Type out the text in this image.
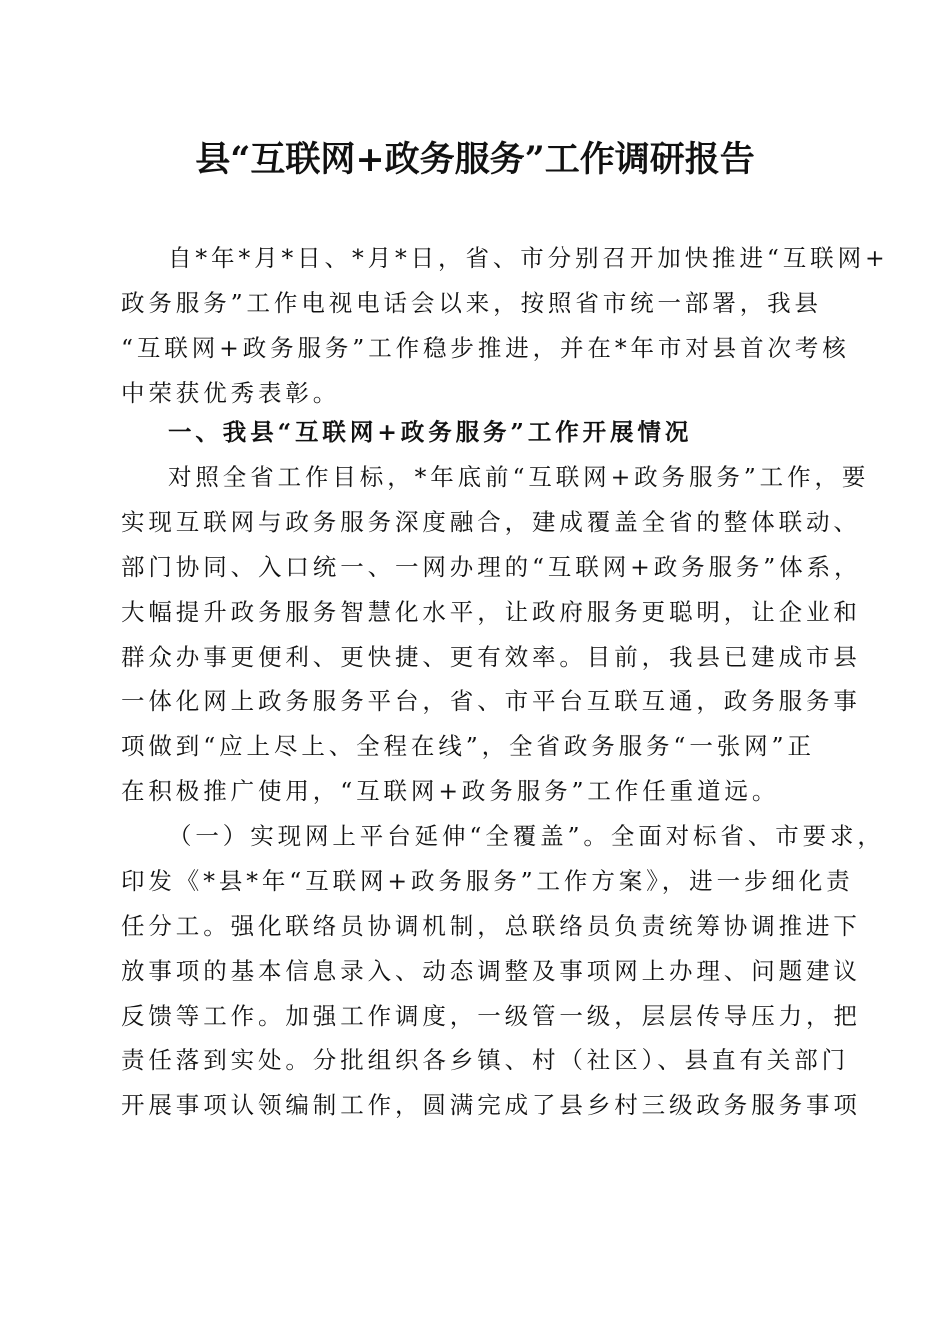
县“互联网+政务服务”工作调研报告
自*年*月*日、*月*日，省、市分别召开加快推进“互联网+
政务服务”工作电视电话会以来，按照省市统一部署，我县
“互联网+政务服务”工作稳步推进，并在*年市对县首次考核
中荣获优秀表彰。
一、我县“互联网+政务服务”工作开展情况
对照全省工作目标，*年底前“互联网+政务服务”工作，要
实现互联网与政务服务深度融合，建成覆盖全省的整体联动、
部门协同、入口统一、一网办理的“互联网+政务服务”体系，
大幅提升政务服务智慧化水平，让政府服务更聪明，让企业和
群众办事更便利、更快捷、更有效率。目前，我县已建成市县
一体化网上政务服务平台，省、市平台互联互通，政务服务事
项做到“应上尽上、全程在线”，全省政务服务“一张网”正
在积极推广使用，“互联网+政务服务”工作任重道远。
（一）实现网上平台延伸“全覆盖”。全面对标省、市要求，
印发《*县*年“互联网+政务服务”工作方案》，进一步细化责
任分工。强化联络员协调机制，总联络员负责统筹协调推进下
放事项的基本信息录入、动态调整及事项网上办理、问题建议
反馈等工作。加强工作调度，一级管一级，层层传导压力，把
责任落到实处。分批组织各乡镇、村（社区）、县直有关部门
开展事项认领编制工作，圆满完成了县乡村三级政务服务事项
